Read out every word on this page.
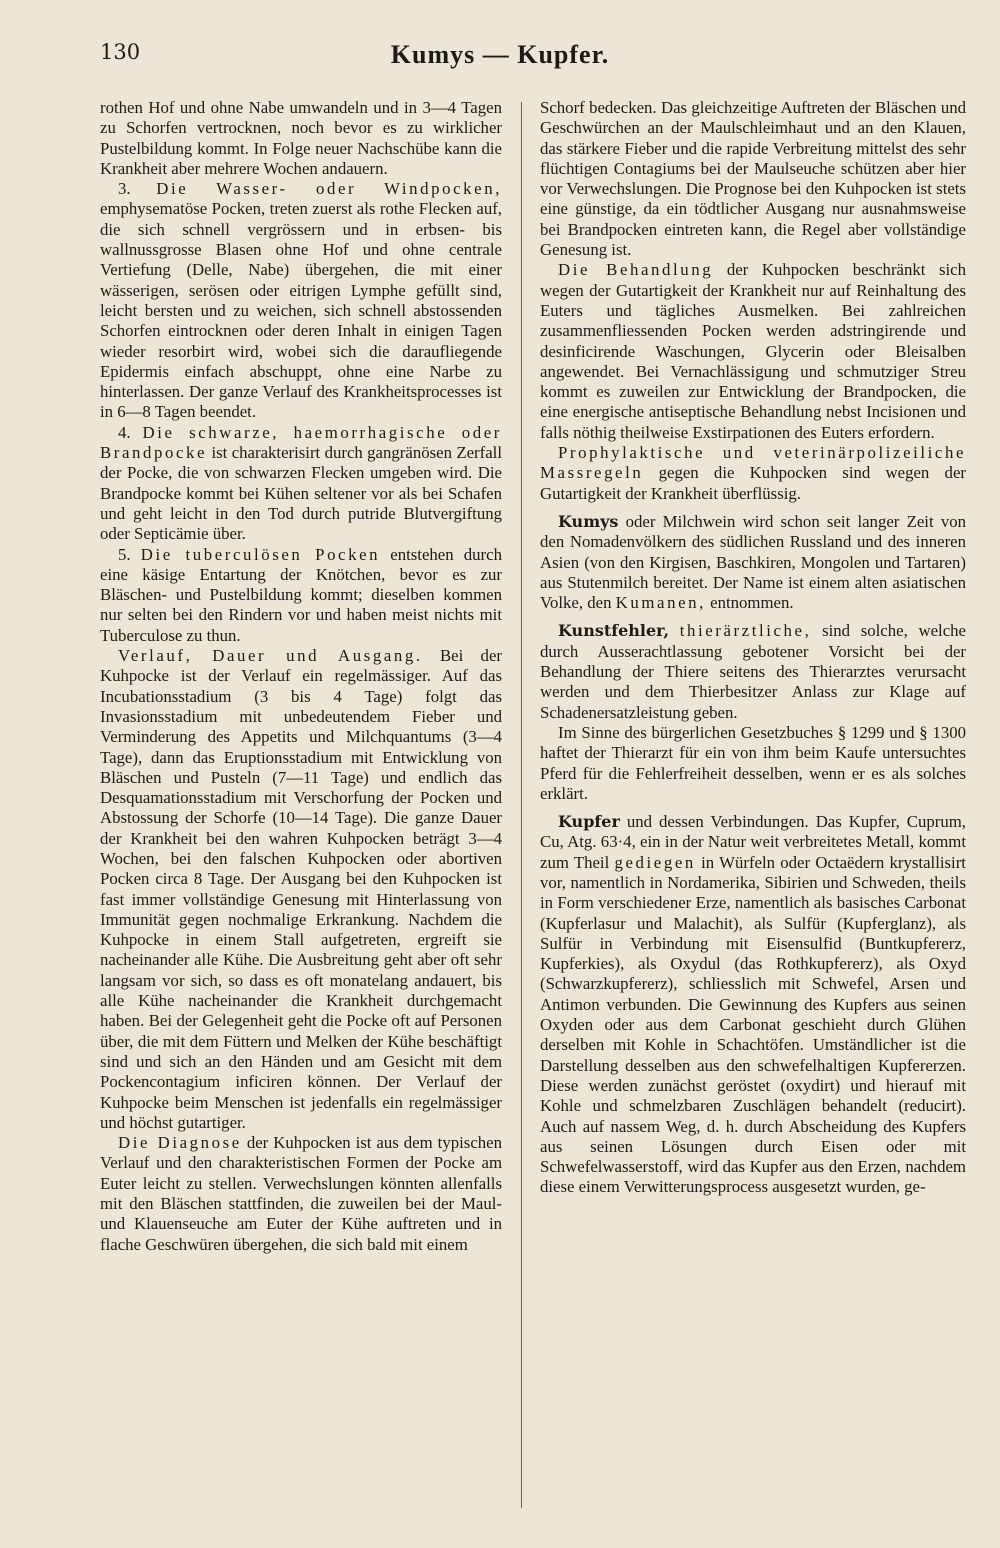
130	Kumys — Kupfer.

rothen Hof und ohne Nabe umwandeln und in 3—4 Tagen zu Schorfen vertrocknen, noch bevor es zu wirklicher Pustelbildung kommt. In Folge neuer Nachschübe kann die Krankheit aber mehrere Wochen andauern.

3. Die Wasser- oder Windpocken, emphysematöse Pocken, treten zuerst als rothe Flecken auf, die sich schnell vergrössern und in erbsen- bis wallnussgrosse Blasen ohne Hof und ohne centrale Vertiefung (Delle, Nabe) übergehen, die mit einer wässerigen, serösen oder eitrigen Lymphe gefüllt sind, leicht bersten und zu weichen, sich schnell abstossenden Schorfen eintrocknen oder deren Inhalt in einigen Tagen wieder resorbirt wird, wobei sich die daraufliegende Epidermis einfach abschuppt, ohne eine Narbe zu hinterlassen. Der ganze Verlauf des Krankheitsprocesses ist in 6—8 Tagen beendet.

4. Die schwarze, haemorrhagische oder Brandpocke ist charakterisirt durch gangränösen Zerfall der Pocke, die von schwarzen Flecken umgeben wird. Die Brandpocke kommt bei Kühen seltener vor als bei Schafen und geht leicht in den Tod durch putride Blutvergiftung oder Septicämie über.

5. Die tuberculösen Pocken entstehen durch eine käsige Entartung der Knötchen, bevor es zur Bläschen- und Pustelbildung kommt; dieselben kommen nur selten bei den Rindern vor und haben meist nichts mit Tuberculose zu thun.

Verlauf, Dauer und Ausgang. Bei der Kuhpocke ist der Verlauf ein regelmässiger. Auf das Incubationsstadium (3 bis 4 Tage) folgt das Invasionsstadium mit unbedeutendem Fieber und Verminderung des Appetits und Milchquantums (3—4 Tage), dann das Eruptionsstadium mit Entwicklung von Bläschen und Pusteln (7—11 Tage) und endlich das Desquamationsstadium mit Verschorfung der Pocken und Abstossung der Schorfe (10—14 Tage). Die ganze Dauer der Krankheit bei den wahren Kuhpocken beträgt 3—4 Wochen, bei den falschen Kuhpocken oder abortiven Pocken circa 8 Tage. Der Ausgang bei den Kuhpocken ist fast immer vollständige Genesung mit Hinterlassung von Immunität gegen nochmalige Erkrankung. Nachdem die Kuhpocke in einem Stall aufgetreten, ergreift sie nacheinander alle Kühe. Die Ausbreitung geht aber oft sehr langsam vor sich, so dass es oft monatelang andauert, bis alle Kühe nacheinander die Krankheit durchgemacht haben. Bei der Gelegenheit geht die Pocke oft auf Personen über, die mit dem Füttern und Melken der Kühe beschäftigt sind und sich an den Händen und am Gesicht mit dem Pockencontagium inficiren können. Der Verlauf der Kuhpocke beim Menschen ist jedenfalls ein regelmässiger und höchst gutartiger.

Die Diagnose der Kuhpocken ist aus dem typischen Verlauf und den charakteristischen Formen der Pocke am Euter leicht zu stellen. Verwechslungen könnten allenfalls mit den Bläschen stattfinden, die zuweilen bei der Maul- und Klauenseuche am Euter der Kühe auftreten und in flache Geschwüren übergehen, die sich bald mit einem

Schorf bedecken. Das gleichzeitige Auftreten der Bläschen und Geschwürchen an der Maulschleimhaut und an den Klauen, das stärkere Fieber und die rapide Verbreitung mittelst des sehr flüchtigen Contagiums bei der Maulseuche schützen aber hier vor Verwechslungen. Die Prognose bei den Kuhpocken ist stets eine günstige, da ein tödtlicher Ausgang nur ausnahmsweise bei Brandpocken eintreten kann, die Regel aber vollständige Genesung ist.

Die Behandlung der Kuhpocken beschränkt sich wegen der Gutartigkeit der Krankheit nur auf Reinhaltung des Euters und tägliches Ausmelken. Bei zahlreichen zusammenfliessenden Pocken werden adstringirende und desinficirende Waschungen, Glycerin oder Bleisalben angewendet. Bei Vernachlässigung und schmutziger Streu kommt es zuweilen zur Entwicklung der Brandpocken, die eine energische antiseptische Behandlung nebst Incisionen und falls nöthig theilweise Exstirpationen des Euters erfordern.

Prophylaktische und veterinärpolizeiliche Massregeln gegen die Kuhpocken sind wegen der Gutartigkeit der Krankheit überflüssig.

Kumys oder Milchwein wird schon seit langer Zeit von den Nomadenvölkern des südlichen Russland und des inneren Asien (von den Kirgisen, Baschkiren, Mongolen und Tartaren) aus Stutenmilch bereitet. Der Name ist einem alten asiatischen Volke, den Kumanen, entnommen.

Kunstfehler, thierärztliche, sind solche, welche durch Ausserachtlassung gebotener Vorsicht bei der Behandlung der Thiere seitens des Thierarztes verursacht werden und dem Thierbesitzer Anlass zur Klage auf Schadenersatzleistung geben.

Im Sinne des bürgerlichen Gesetzbuches § 1299 und § 1300 haftet der Thierarzt für ein von ihm beim Kaufe untersuchtes Pferd für die Fehlerfreiheit desselben, wenn er es als solches erklärt.

Kupfer und dessen Verbindungen. Das Kupfer, Cuprum, Cu, Atg. 63·4, ein in der Natur weit verbreitetes Metall, kommt zum Theil gediegen in Würfeln oder Octaëdern krystallisirt vor, namentlich in Nordamerika, Sibirien und Schweden, theils in Form verschiedener Erze, namentlich als basisches Carbonat (Kupferlasur und Malachit), als Sulfür (Kupferglanz), als Sulfür in Verbindung mit Eisensulfid (Buntkupfererz, Kupferkies), als Oxydul (das Rothkupfererz), als Oxyd (Schwarzkupfererz), schliesslich mit Schwefel, Arsen und Antimon verbunden. Die Gewinnung des Kupfers aus seinen Oxyden oder aus dem Carbonat geschieht durch Glühen derselben mit Kohle in Schachtöfen. Umständlicher ist die Darstellung desselben aus den schwefelhaltigen Kupfererzen. Diese werden zunächst geröstet (oxydirt) und hierauf mit Kohle und schmelzbaren Zuschlägen behandelt (reducirt). Auch auf nassem Weg, d. h. durch Abscheidung des Kupfers aus seinen Lösungen durch Eisen oder mit Schwefelwasserstoff, wird das Kupfer aus den Erzen, nachdem diese einem Verwitterungsprocess ausgesetzt wurden, ge-
